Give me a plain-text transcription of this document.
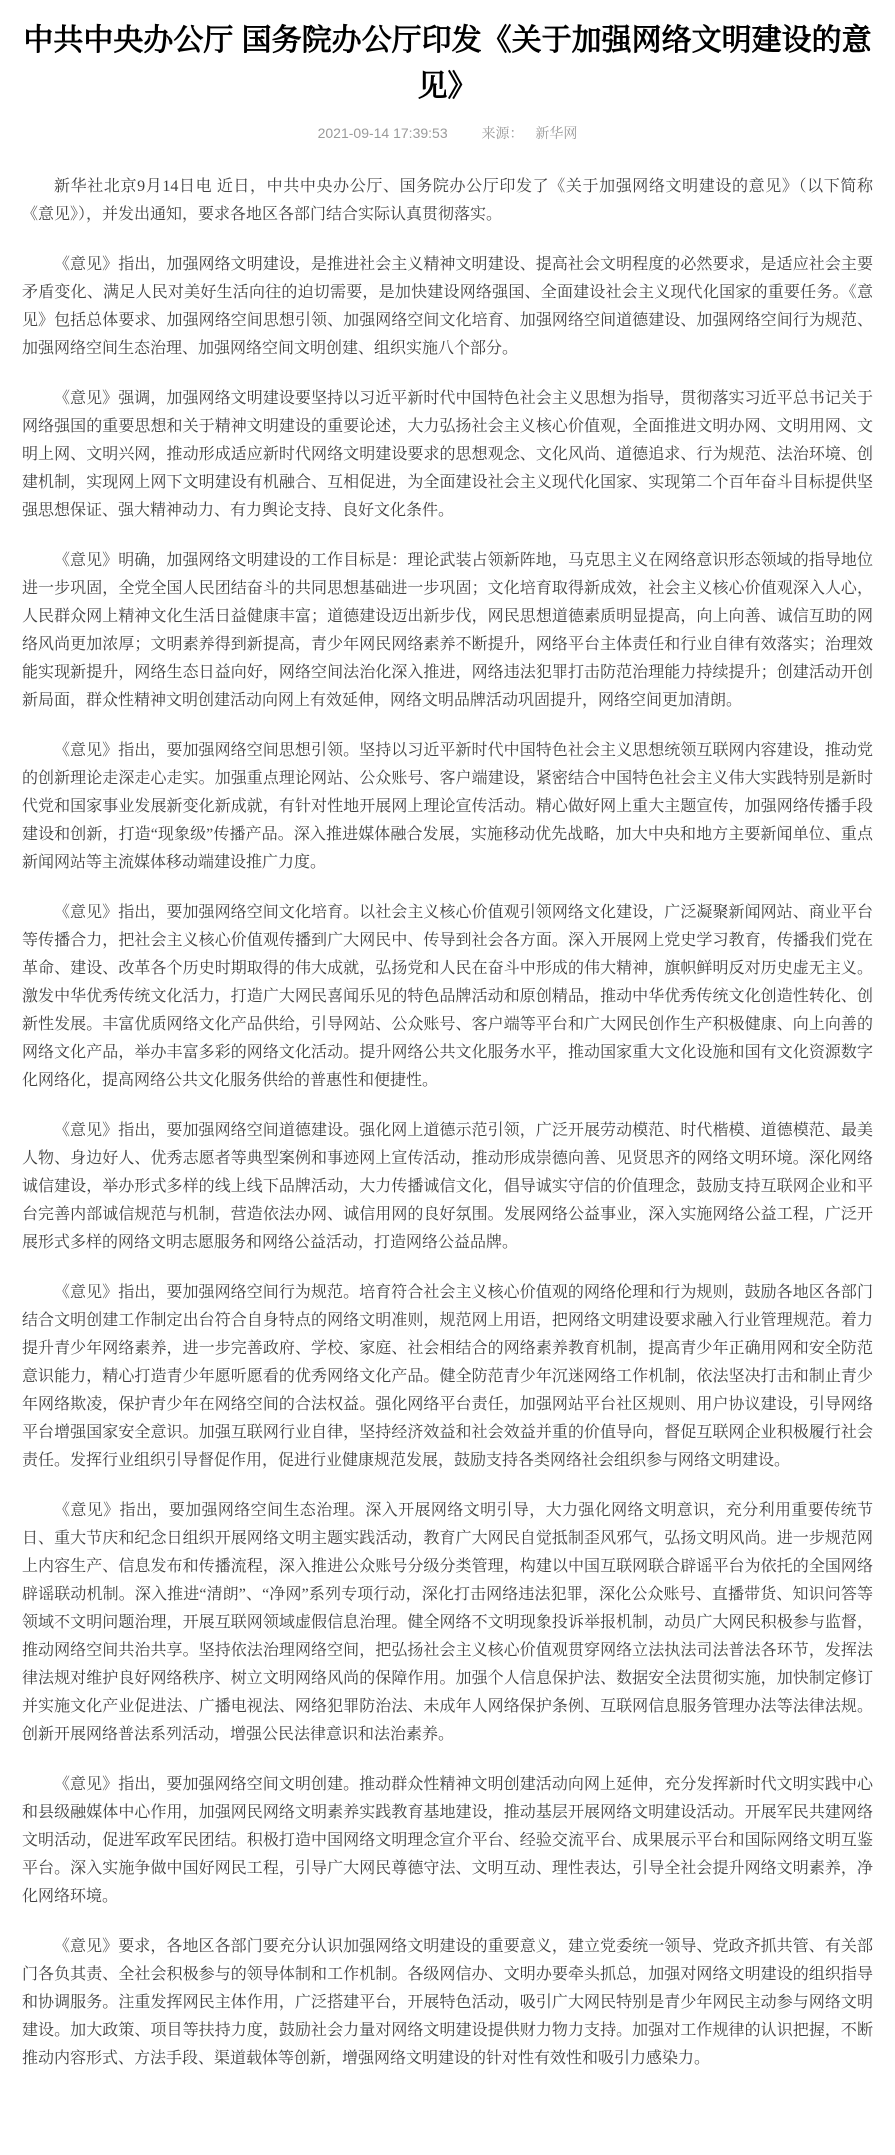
中共中央办公厅 国务院办公厅印发《关于加强网络文明建设的意见》
2021-09-14 17:39:53 来源： 新华网

新华社北京9月14日电 近日，中共中央办公厅、国务院办公厅印发了《关于加强网络文明建设的意见》（以下简称《意见》），并发出通知，要求各地区各部门结合实际认真贯彻落实。

《意见》指出，加强网络文明建设，是推进社会主义精神文明建设、提高社会文明程度的必然要求，是适应社会主要矛盾变化、满足人民对美好生活向往的迫切需要，是加快建设网络强国、全面建设社会主义现代化国家的重要任务。《意见》包括总体要求、加强网络空间思想引领、加强网络空间文化培育、加强网络空间道德建设、加强网络空间行为规范、加强网络空间生态治理、加强网络空间文明创建、组织实施八个部分。

《意见》强调，加强网络文明建设要坚持以习近平新时代中国特色社会主义思想为指导，贯彻落实习近平总书记关于网络强国的重要思想和关于精神文明建设的重要论述，大力弘扬社会主义核心价值观，全面推进文明办网、文明用网、文明上网、文明兴网，推动形成适应新时代网络文明建设要求的思想观念、文化风尚、道德追求、行为规范、法治环境、创建机制，实现网上网下文明建设有机融合、互相促进，为全面建设社会主义现代化国家、实现第二个百年奋斗目标提供坚强思想保证、强大精神动力、有力舆论支持、良好文化条件。

《意见》明确，加强网络文明建设的工作目标是：理论武装占领新阵地，马克思主义在网络意识形态领域的指导地位进一步巩固，全党全国人民团结奋斗的共同思想基础进一步巩固；文化培育取得新成效，社会主义核心价值观深入人心，人民群众网上精神文化生活日益健康丰富；道德建设迈出新步伐，网民思想道德素质明显提高，向上向善、诚信互助的网络风尚更加浓厚；文明素养得到新提高，青少年网民网络素养不断提升，网络平台主体责任和行业自律有效落实；治理效能实现新提升，网络生态日益向好，网络空间法治化深入推进，网络违法犯罪打击防范治理能力持续提升；创建活动开创新局面，群众性精神文明创建活动向网上有效延伸，网络文明品牌活动巩固提升，网络空间更加清朗。

《意见》指出，要加强网络空间思想引领。坚持以习近平新时代中国特色社会主义思想统领互联网内容建设，推动党的创新理论走深走心走实。加强重点理论网站、公众账号、客户端建设，紧密结合中国特色社会主义伟大实践特别是新时代党和国家事业发展新变化新成就，有针对性地开展网上理论宣传活动。精心做好网上重大主题宣传，加强网络传播手段建设和创新，打造“现象级”传播产品。深入推进媒体融合发展，实施移动优先战略，加大中央和地方主要新闻单位、重点新闻网站等主流媒体移动端建设推广力度。

《意见》指出，要加强网络空间文化培育。以社会主义核心价值观引领网络文化建设，广泛凝聚新闻网站、商业平台等传播合力，把社会主义核心价值观传播到广大网民中、传导到社会各方面。深入开展网上党史学习教育，传播我们党在革命、建设、改革各个历史时期取得的伟大成就，弘扬党和人民在奋斗中形成的伟大精神，旗帜鲜明反对历史虚无主义。激发中华优秀传统文化活力，打造广大网民喜闻乐见的特色品牌活动和原创精品，推动中华优秀传统文化创造性转化、创新性发展。丰富优质网络文化产品供给，引导网站、公众账号、客户端等平台和广大网民创作生产积极健康、向上向善的网络文化产品，举办丰富多彩的网络文化活动。提升网络公共文化服务水平，推动国家重大文化设施和国有文化资源数字化网络化，提高网络公共文化服务供给的普惠性和便捷性。

《意见》指出，要加强网络空间道德建设。强化网上道德示范引领，广泛开展劳动模范、时代楷模、道德模范、最美人物、身边好人、优秀志愿者等典型案例和事迹网上宣传活动，推动形成崇德向善、见贤思齐的网络文明环境。深化网络诚信建设，举办形式多样的线上线下品牌活动，大力传播诚信文化，倡导诚实守信的价值理念，鼓励支持互联网企业和平台完善内部诚信规范与机制，营造依法办网、诚信用网的良好氛围。发展网络公益事业，深入实施网络公益工程，广泛开展形式多样的网络文明志愿服务和网络公益活动，打造网络公益品牌。

《意见》指出，要加强网络空间行为规范。培育符合社会主义核心价值观的网络伦理和行为规则，鼓励各地区各部门结合文明创建工作制定出台符合自身特点的网络文明准则，规范网上用语，把网络文明建设要求融入行业管理规范。着力提升青少年网络素养，进一步完善政府、学校、家庭、社会相结合的网络素养教育机制，提高青少年正确用网和安全防范意识能力，精心打造青少年愿听愿看的优秀网络文化产品。健全防范青少年沉迷网络工作机制，依法坚决打击和制止青少年网络欺凌，保护青少年在网络空间的合法权益。强化网络平台责任，加强网站平台社区规则、用户协议建设，引导网络平台增强国家安全意识。加强互联网行业自律，坚持经济效益和社会效益并重的价值导向，督促互联网企业积极履行社会责任。发挥行业组织引导督促作用，促进行业健康规范发展，鼓励支持各类网络社会组织参与网络文明建设。

《意见》指出，要加强网络空间生态治理。深入开展网络文明引导，大力强化网络文明意识，充分利用重要传统节日、重大节庆和纪念日组织开展网络文明主题实践活动，教育广大网民自觉抵制歪风邪气，弘扬文明风尚。进一步规范网上内容生产、信息发布和传播流程，深入推进公众账号分级分类管理，构建以中国互联网联合辟谣平台为依托的全国网络辟谣联动机制。深入推进“清朗”、“净网”系列专项行动，深化打击网络违法犯罪，深化公众账号、直播带货、知识问答等领域不文明问题治理，开展互联网领域虚假信息治理。健全网络不文明现象投诉举报机制，动员广大网民积极参与监督，推动网络空间共治共享。坚持依法治理网络空间，把弘扬社会主义核心价值观贯穿网络立法执法司法普法各环节，发挥法律法规对维护良好网络秩序、树立文明网络风尚的保障作用。加强个人信息保护法、数据安全法贯彻实施，加快制定修订并实施文化产业促进法、广播电视法、网络犯罪防治法、未成年人网络保护条例、互联网信息服务管理办法等法律法规。创新开展网络普法系列活动，增强公民法律意识和法治素养。

《意见》指出，要加强网络空间文明创建。推动群众性精神文明创建活动向网上延伸，充分发挥新时代文明实践中心和县级融媒体中心作用，加强网民网络文明素养实践教育基地建设，推动基层开展网络文明建设活动。开展军民共建网络文明活动，促进军政军民团结。积极打造中国网络文明理念宣介平台、经验交流平台、成果展示平台和国际网络文明互鉴平台。深入实施争做中国好网民工程，引导广大网民尊德守法、文明互动、理性表达，引导全社会提升网络文明素养，净化网络环境。

《意见》要求，各地区各部门要充分认识加强网络文明建设的重要意义，建立党委统一领导、党政齐抓共管、有关部门各负其责、全社会积极参与的领导体制和工作机制。各级网信办、文明办要牵头抓总，加强对网络文明建设的组织指导和协调服务。注重发挥网民主体作用，广泛搭建平台，开展特色活动，吸引广大网民特别是青少年网民主动参与网络文明建设。加大政策、项目等扶持力度，鼓励社会力量对网络文明建设提供财力物力支持。加强对工作规律的认识把握，不断推动内容形式、方法手段、渠道载体等创新，增强网络文明建设的针对性有效性和吸引力感染力。
